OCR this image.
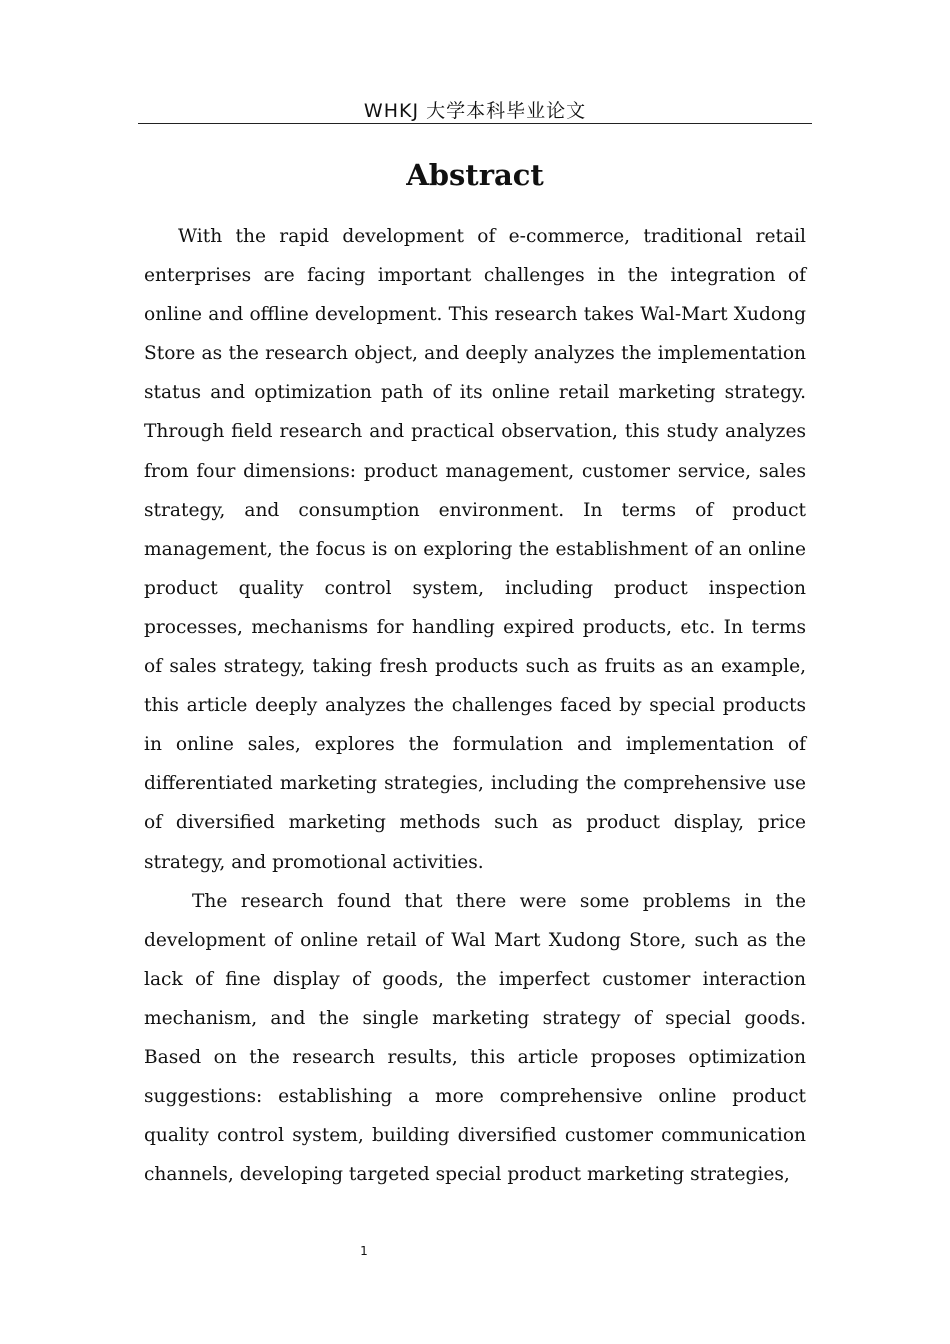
WHKJ 大学本科毕业论文
Abstract

With the rapid development of e-commerce, traditional retail enterprises are facing important challenges in the integration of online and offline development. This research takes Wal-Mart Xudong Store as the research object, and deeply analyzes the implementation status and optimization path of its online retail marketing strategy. Through field research and practical observation, this study analyzes from four dimensions: product management, customer service, sales strategy, and consumption environment. In terms of product management, the focus is on exploring the establishment of an online product quality control system, including product inspection processes, mechanisms for handling expired products, etc. In terms of sales strategy, taking fresh products such as fruits as an example, this article deeply analyzes the challenges faced by special products in online sales, explores the formulation and implementation of differentiated marketing strategies, including the comprehensive use of diversified marketing methods such as product display, price strategy, and promotional activities.

The research found that there were some problems in the development of online retail of Wal Mart Xudong Store, such as the lack of fine display of goods, the imperfect customer interaction mechanism, and the single marketing strategy of special goods. Based on the research results, this article proposes optimization suggestions: establishing a more comprehensive online product quality control system, building diversified customer communication channels, developing targeted special product marketing strategies,

1
